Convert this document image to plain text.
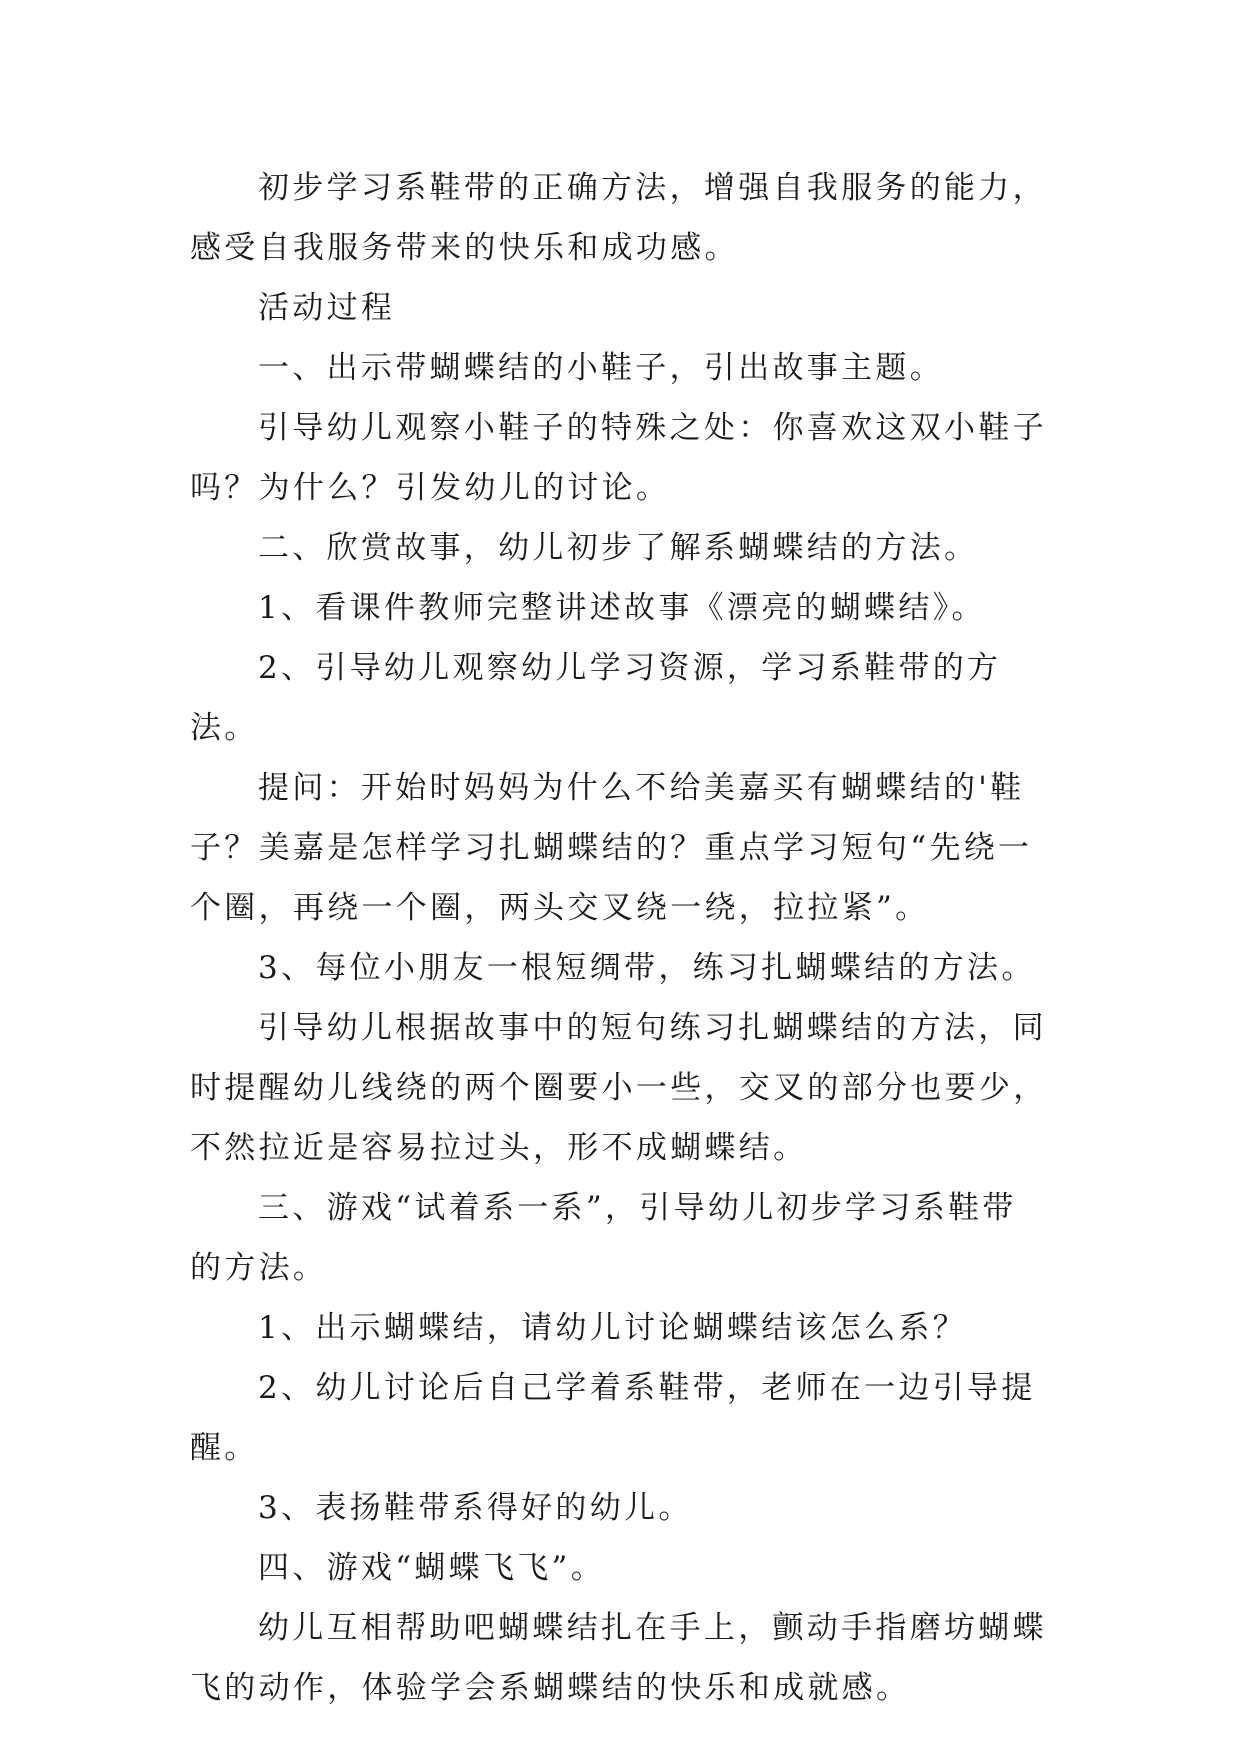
初步学习系鞋带的正确方法，增强自我服务的能力，感受自我服务带来的快乐和成功感。

活动过程

一、出示带蝴蝶结的小鞋子，引出故事主题。

引导幼儿观察小鞋子的特殊之处：你喜欢这双小鞋子吗？为什么？引发幼儿的讨论。

二、欣赏故事，幼儿初步了解系蝴蝶结的方法。

1、看课件教师完整讲述故事《漂亮的蝴蝶结》。

2、引导幼儿观察幼儿学习资源，学习系鞋带的方法。

提问：开始时妈妈为什么不给美嘉买有蝴蝶结的'鞋子？美嘉是怎样学习扎蝴蝶结的？重点学习短句“先绕一个圈，再绕一个圈，两头交叉绕一绕，拉拉紧”。

3、每位小朋友一根短绸带，练习扎蝴蝶结的方法。

引导幼儿根据故事中的短句练习扎蝴蝶结的方法，同时提醒幼儿线绕的两个圈要小一些，交叉的部分也要少，不然拉近是容易拉过头，形不成蝴蝶结。

三、游戏“试着系一系”，引导幼儿初步学习系鞋带的方法。

1、出示蝴蝶结，请幼儿讨论蝴蝶结该怎么系？

2、幼儿讨论后自己学着系鞋带，老师在一边引导提醒。

3、表扬鞋带系得好的幼儿。

四、游戏“蝴蝶飞飞”。

幼儿互相帮助吧蝴蝶结扎在手上，颤动手指磨坊蝴蝶飞的动作，体验学会系蝴蝶结的快乐和成就感。
